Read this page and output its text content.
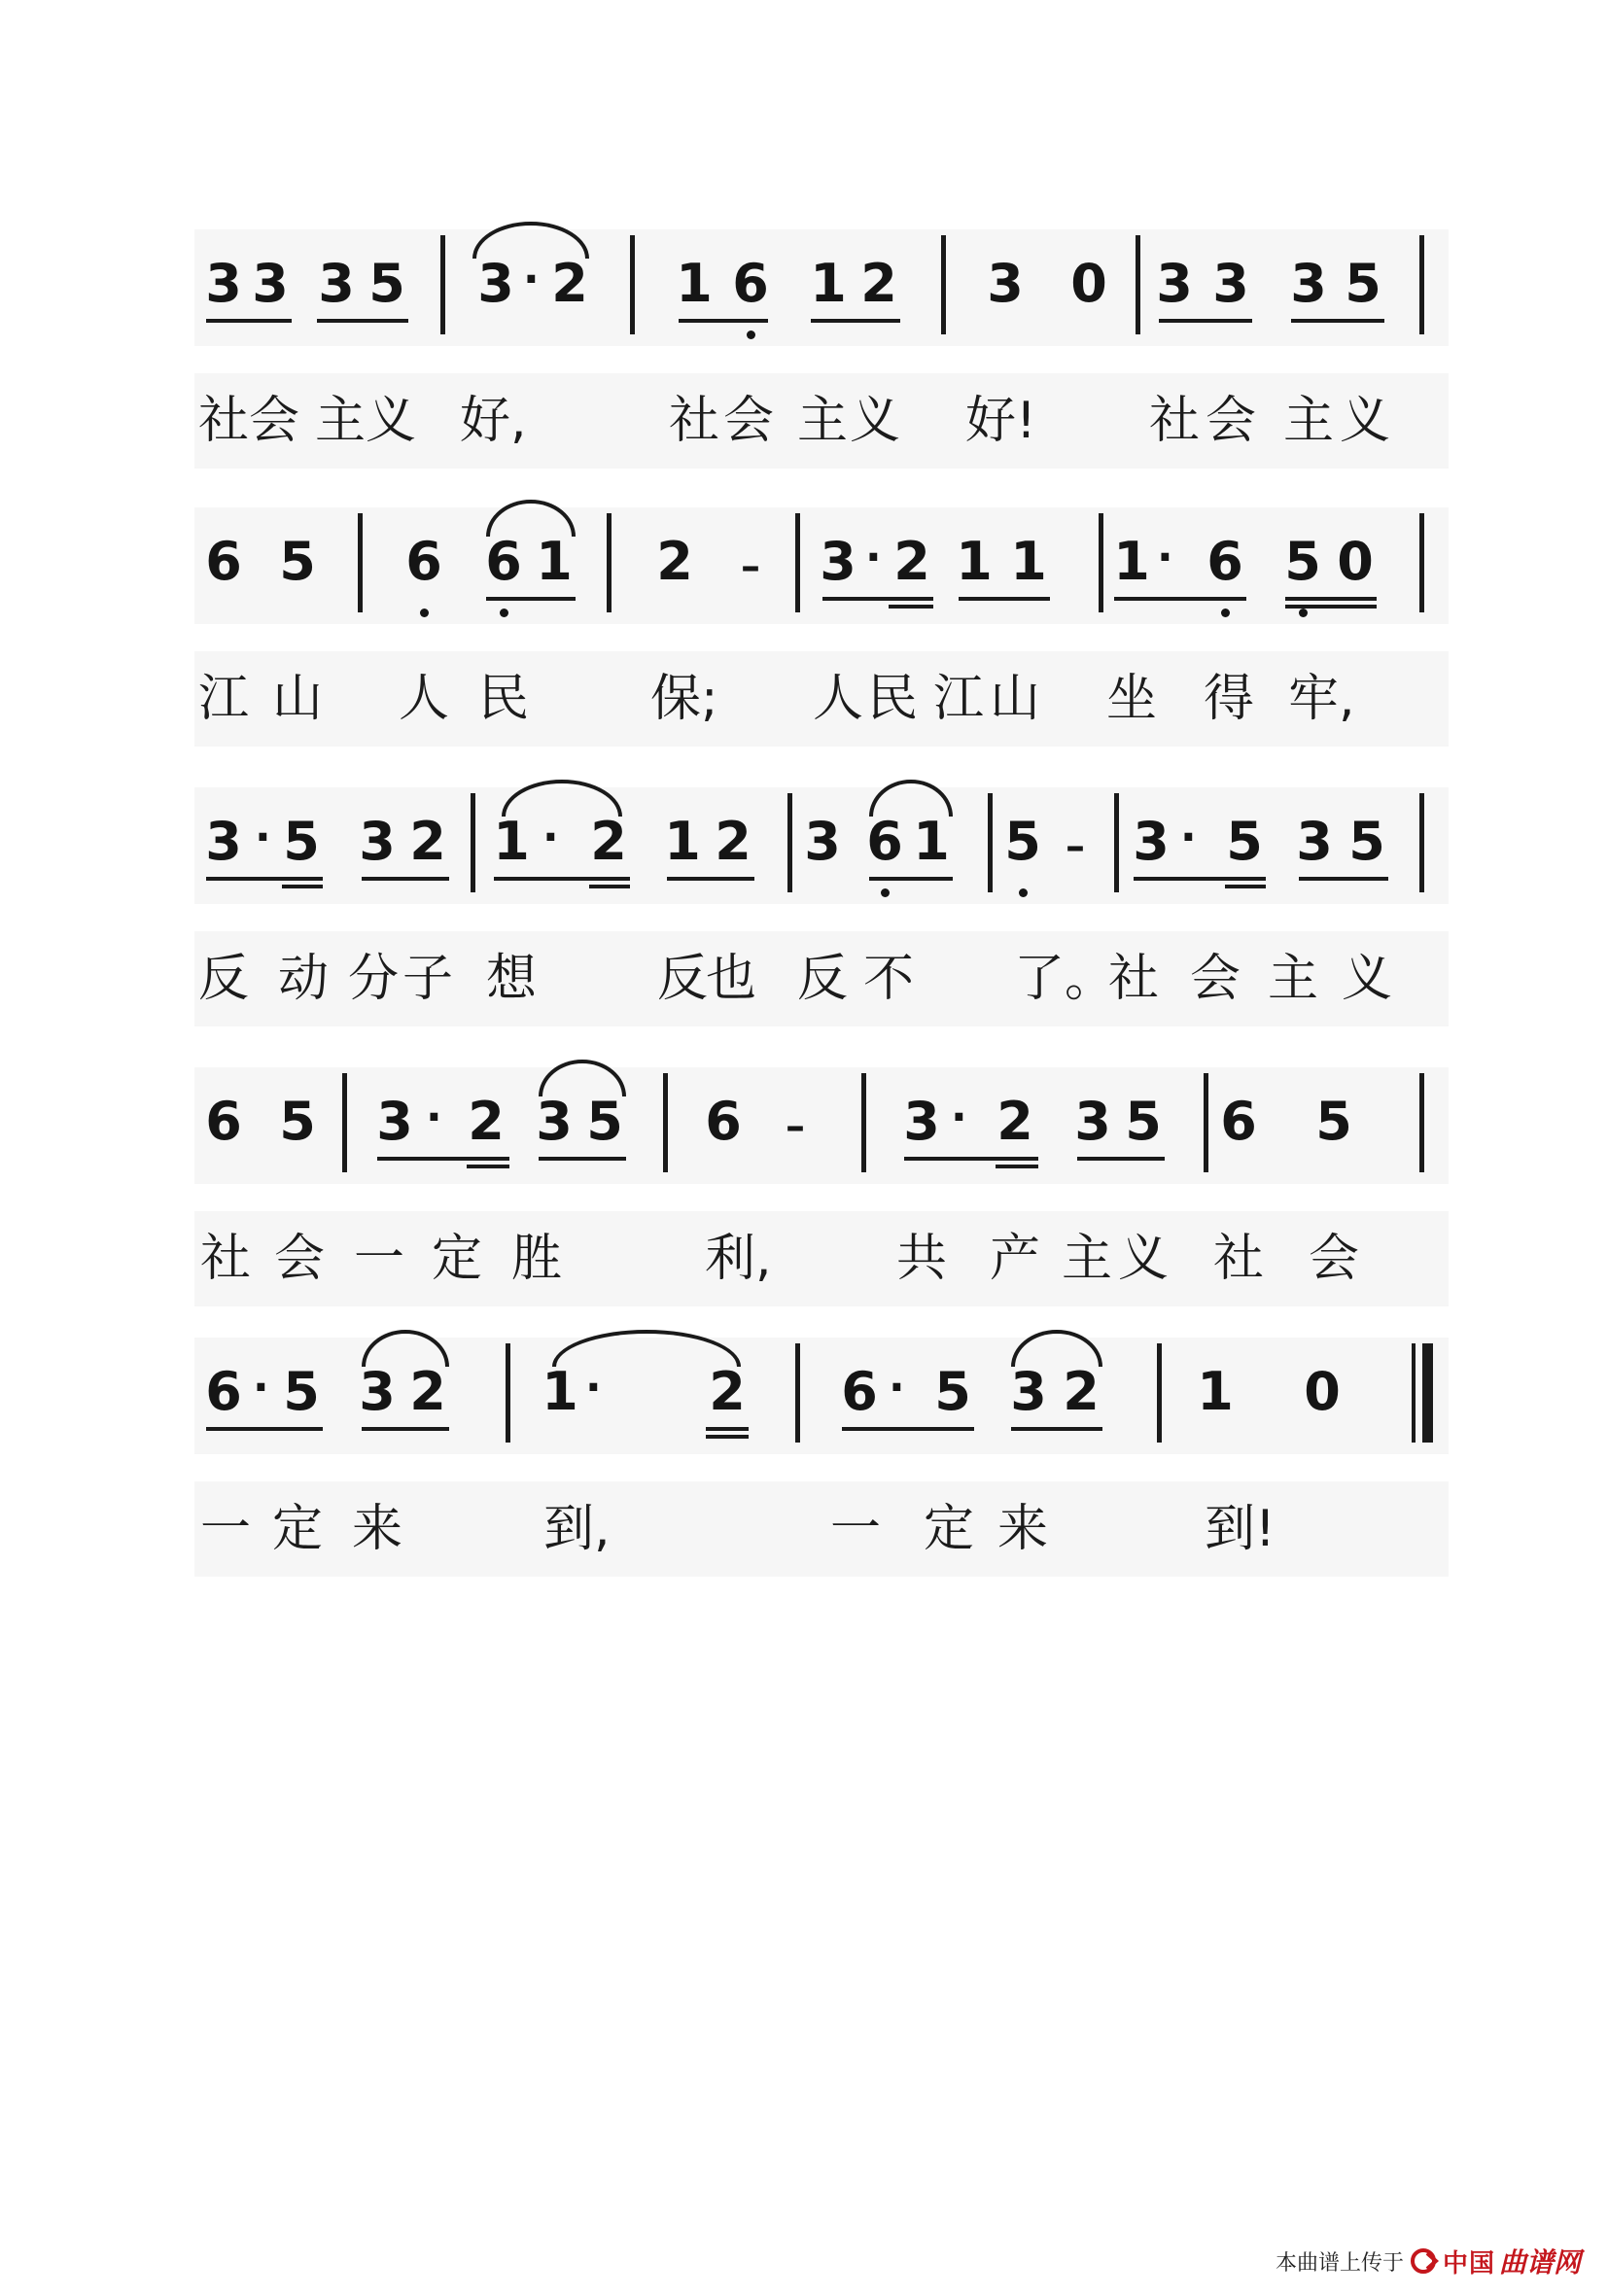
3 3 3 5 3 · 2 1 6 1 2 3 0 3 3 3 5
社 会 主 义 好,	社 会 主 义 好! 社 会 主 义
6 5 6 6 1 2 – 3 · 2 1 1 1 · 6 5 0
江 山 人 民 保; 人 民 江 山 坐 得 牢,
3 · 5 3 2 1 · 2 1 2 3 6 1 5 – 3 · 5 3 5
反 动 分 子 想 反
也 反 不 了。
社 会 主 义
6 5 3 · 2 3 5 6 – 3 · 2 3 5 6 5
社 会 一 定 胜	利, 共 产 主 义 社 会
6 · 5 3 2 1 · 2 6 · 5 3 2 1 0
一 定 来	到,	一 定 来	到!
本曲谱上传于 中国 曲谱网
